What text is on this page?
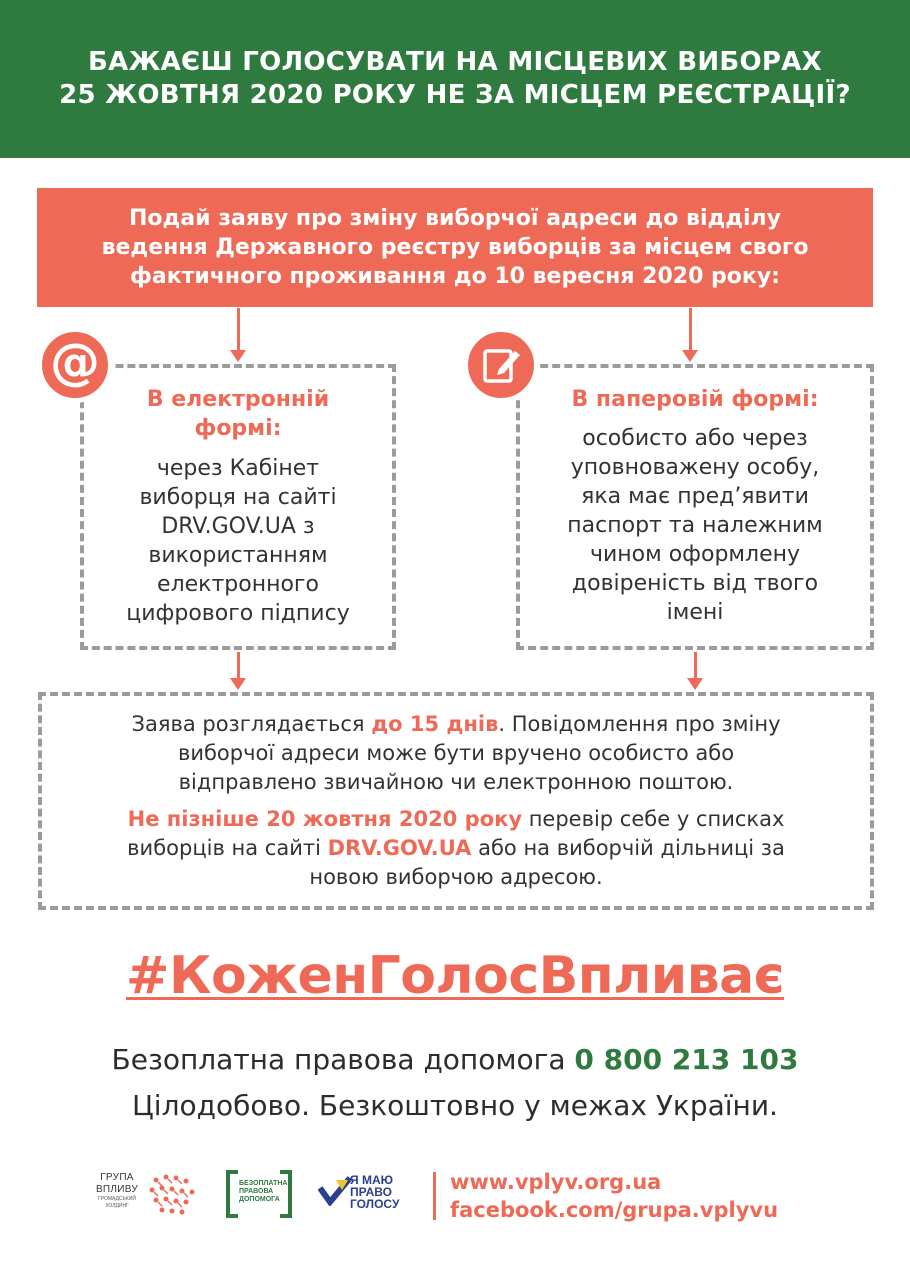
БАЖАЄШ ГОЛОСУВАТИ НА МІСЦЕВИХ ВИБОРАХ
25 ЖОВТНЯ 2020 РОКУ НЕ ЗА МІСЦЕМ РЕЄСТРАЦІЇ?
Подай заяву про зміну виборчої адреси до відділу
ведення Державного реєстру виборців за місцем свого
фактичного проживання до 10 вересня 2020 року:
В електронній
формі:
через Кабінет
виборця на сайті
DRV.GOV.UA з
використанням
електронного
цифрового підпису
@
В паперовій формі:
особисто або через
уповноважену особу,
яка має пред’явити
паспорт та належним
чином оформлену
довіреність від твого
імені

Заява розглядається до 15 днів. Повідомлення про зміну
виборчої адреси може бути вручено особисто або
відправлено звичайною чи електронною поштою.

Не пізніше 20 жовтня 2020 року перевір себе у списках
виборців на сайті DRV.GOV.UA або на виборчій дільниці за
новою виборчою адресою.

#КоженГолосВпливає
Безоплатна правова допомога 0 800 213 103
Цілодобово. Безкоштовно у межах України.
ГРУПА
ВПЛИВУ
ГРОМАДСЬКИЙ ХОЛДИНГ
БЕЗОПЛАТНА
ПРАВОВА
ДОПОМОГА
Я МАЮ
ПРАВО
ГОЛОСУ
www.vplyv.org.ua
facebook.com/grupa.vplyvu
